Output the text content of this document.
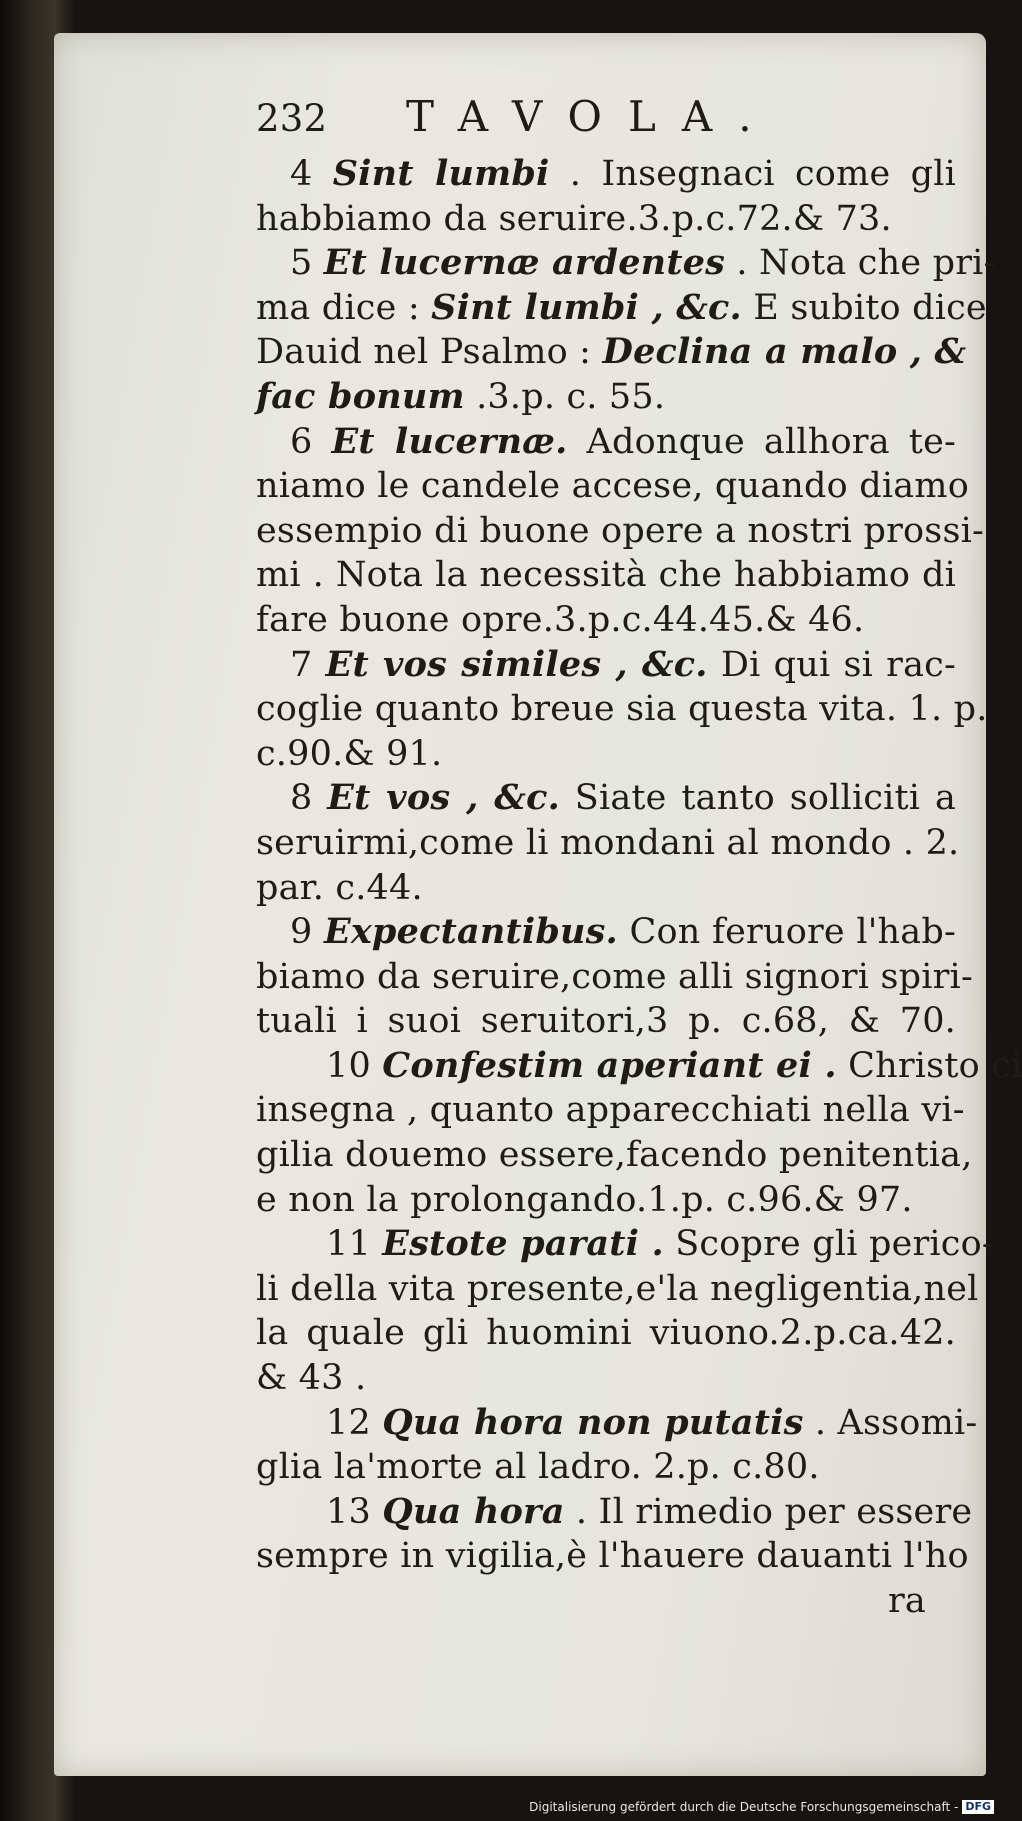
232	TAVOLA.
4 Sint lumbi . Insegnaci come gli
habbiamo da seruire.3.p.c.72.& 73.
5 Et lucernæ ardentes . Nota che pri-
ma dice : Sint lumbi , &c. E subito dice
Dauid nel Psalmo : Declina a malo , &
fac bonum .3.p. c. 55.
6 Et lucernæ. Adonque allhora te-
niamo le candele accese, quando diamo
essempio di buone opere a nostri prossi-
mi . Nota la necessità che habbiamo di
fare buone opre.3.p.c.44.45.& 46.
7 Et vos similes , &c. Di qui si rac-
coglie quanto breue sia questa vita. 1. p.
c.90.& 91.
8 Et vos , &c. Siate tanto solliciti a
seruirmi,come li mondani al mondo . 2.
par. c.44.
9 Expectantibus. Con feruore l'hab-
biamo da seruire,come alli signori spiri-
tuali i suoi seruitori,3 p. c.68, & 70.
10 Confestim aperiant ei . Christo ci
insegna , quanto apparecchiati nella vi-
gilia douemo essere,facendo penitentia,
e non la prolongando.1.p. c.96.& 97.
11 Estote parati . Scopre gli perico-
li della vita presente,e'la negligentia,nel
la quale gli huomini viuono.2.p.ca.42.
& 43 .
12 Qua hora non putatis . Assomi-
glia la'morte al ladro. 2.p. c.80.
13 Qua hora . Il rimedio per essere
sempre in vigilia,è l'hauere dauanti l'ho
ra
Digitalisierung gefördert durch die Deutsche Forschungsgemeinschaft - DFG
